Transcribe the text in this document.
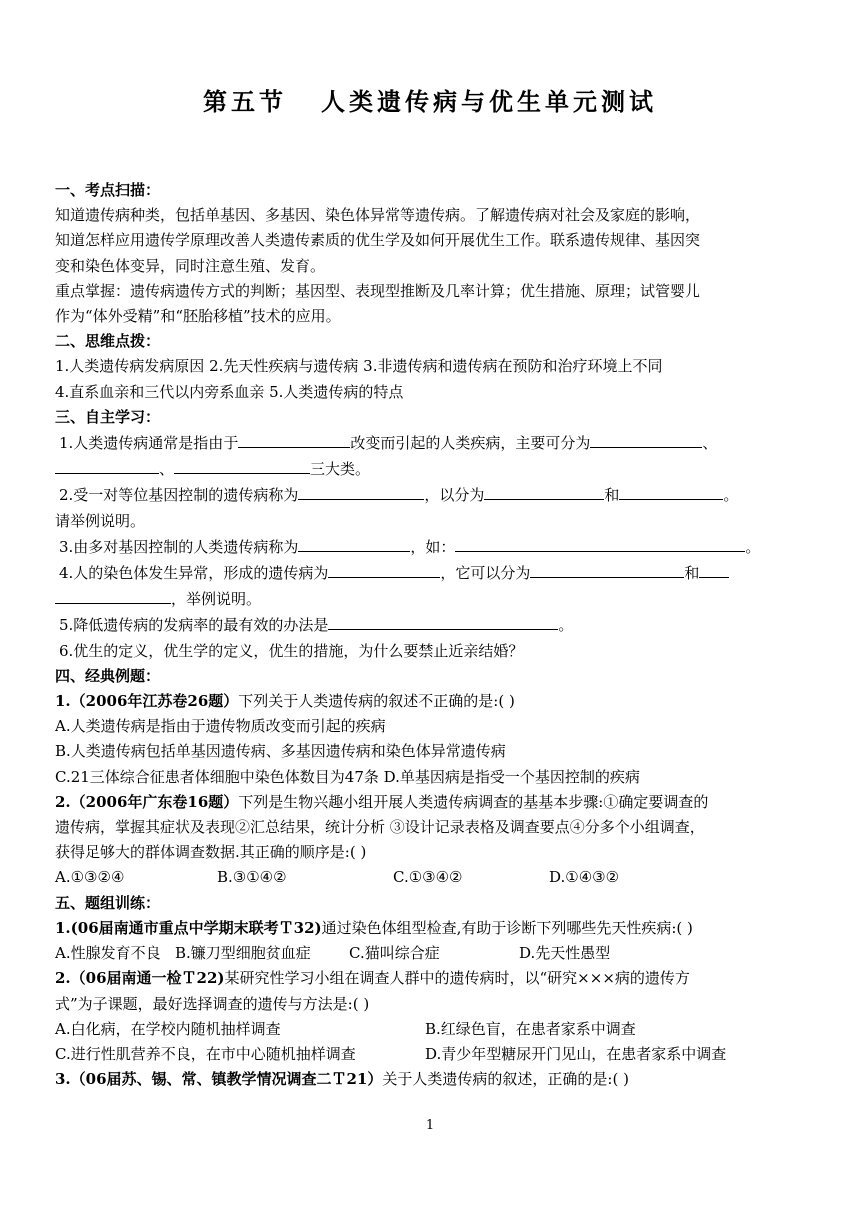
第五节 人类遗传病与优生单元测试
一、考点扫描：
知道遗传病种类，包括单基因、多基因、染色体异常等遗传病。了解遗传病对社会及家庭的影响，
知道怎样应用遗传学原理改善人类遗传素质的优生学及如何开展优生工作。联系遗传规律、基因突
变和染色体变异，同时注意生殖、发育。
重点掌握：遗传病遗传方式的判断；基因型、表现型推断及几率计算；优生措施、原理；试管婴儿
作为“体外受精”和“胚胎移植”技术的应用。
二、思维点拨：
1.人类遗传病发病原因 2.先天性疾病与遗传病 3.非遗传病和遗传病在预防和治疗环境上不同
4.直系血亲和三代以内旁系血亲 5.人类遗传病的特点
三、自主学习：
1.人类遗传病通常是指由于	改变而引起的人类疾病，主要可分为	、
、	三大类。
2.受一对等位基因控制的遗传病称为	，以分为	和	。
请举例说明。
3.由多对基因控制的人类遗传病称为	，如：	。
4.人的染色体发生异常，形成的遗传病为	，它可以分为	和
，举例说明。
5.降低遗传病的发病率的最有效的办法是	。
6.优生的定义，优生学的定义，优生的措施，为什么要禁止近亲结婚？
四、经典例题：
1.（2006年江苏卷26题）下列关于人类遗传病的叙述不正确的是:( )
A.人类遗传病是指由于遗传物质改变而引起的疾病
B.人类遗传病包括单基因遗传病、多基因遗传病和染色体异常遗传病
C.21三体综合征患者体细胞中染色体数目为47条 D.单基因病是指受一个基因控制的疾病
2.（2006年广东卷16题）下列是生物兴趣小组开展人类遗传病调查的基基本步骤:①确定要调查的
遗传病，掌握其症状及表现②汇总结果，统计分析 ③设计记录表格及调查要点④分多个小组调查，
获得足够大的群体调查数据.其正确的顺序是:( )
A.①③②④	B.③①④②	C.①③④②	D.①④③②
五、题组训练：
1.(06届南通市重点中学期末联考Ｔ32)通过染色体组型检查,有助于诊断下列哪些先天性疾病:( )
A.性腺发育不良 B.镰刀型细胞贫血症	C.猫叫综合症	D.先天性愚型
2.（06届南通一检Ｔ22)某研究性学习小组在调查人群中的遗传病时，以“研究×××病的遗传方
式”为子课题，最好选择调查的遗传与方法是:( )
A.白化病，在学校内随机抽样调查	B.红绿色盲，在患者家系中调查
C.进行性肌营养不良，在市中心随机抽样调查	D.青少年型糖尿开门见山，在患者家系中调查
3.（06届苏、锡、常、镇教学情况调查二Ｔ21）关于人类遗传病的叙述，正确的是:( )
1
